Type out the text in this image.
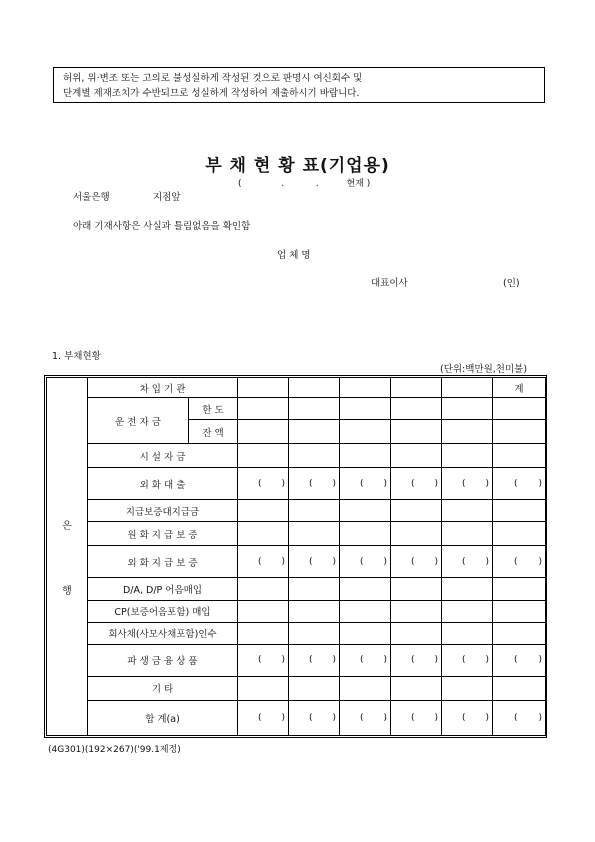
허위, 위·변조 또는 고의로 불성실하게 작성된 것으로 판명시 여신회수 및
단계별 제재조치가 수반되므로 성실하게 작성하여 제출하시기 바랍니다.
부 채 현 황 표(기업용)
(	.	.	현재 )
서울은행	지점앞
아래 기재사항은 사실과 틀림없음을 확인함
업 체 명
대표이사	(인)
1. 부채현황
(단위:백만원,천미불)
은
행	차 입 기 관							계
	운 전 자 금	한 도						
		잔 액						
	시 설 자 금							
	외 화 대 출		( )	( )	( )	( )	( )	( )

	지급보증대지급금							
	원 화 지 급 보 증							
	외 화 지 급 보 증		( )	( )	( )	( )	( )	( )

	D/A, D/P 어음매입							
	CP(보증어음포함) 매입							
	회사채(사모사채포함)인수							
	파 생 금 융 상 품		( )	( )	( )	( )	( )	( )

	기 타							
	합 계(a)		( )	( )	( )	( )	( )	( )
(4G301)(192×267)('99.1제정)
